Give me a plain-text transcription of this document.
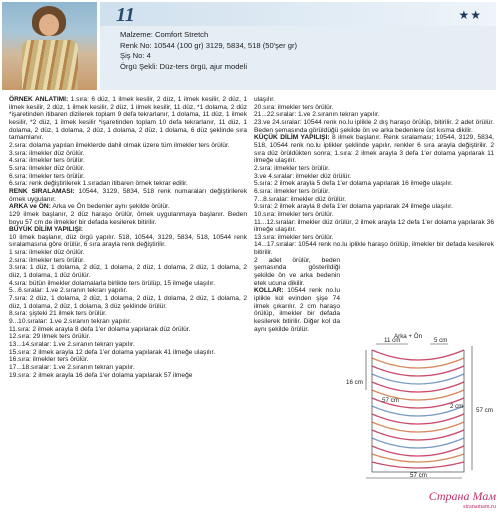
11	★★
Malzeme: Comfort Stretch
Renk No: 10544 (100 gr) 3129, 5834, 518 (50'şer gr)
Şiş No: 4
Örgü Şekli: Düz-ters örgü, ajur modeli

ÖRNEK ANLATIMI: 1.sıra: 6 düz, 1 ilmek kesilir, 2 düz, 1 ilmek kesilir, 2 düz, 1 ilmek kesilir, 2 düz, 1 ilmek kesilir, 2 düz, 1 ilmek kesilir, 11 düz, *1 dolama, 2 düz *işaretinden itibaren dizilerek toplam 9 defa tekrarlanır, 1 dolama, 11 düz, 1 ilmek kesilir, *2 düz, 1 ilmek kesilir *işaretinden toplam 10 defa tekrarlanır, 11 düz, 1 dolama, 2 düz, 1 dolama, 2 düz, 1 dolama, 2 düz, 1 dolama, 6 düz şeklinde sıra tamamlanır.

2.sıra: dolama yapılan ilmeklerde dahil olmak üzere tüm ilmekler ters örülür.

3.sıra: ilmekler düz örülür.

4.sıra: ilmekler ters örülür.

5.sıra: ilmekler düz örülür.

6.sıra: ilmekler ters örülür.

6.sıra: renk değiştirilerek 1.sıradan itibaren örnek tekrar edilir.

RENK SIRALAMASI: 10544, 3129, 5834, 518 renk numaraları değiştirilerek örnek uygulanır.

ARKA ve ÖN: Arka ve Ön bedenler aynı şekilde örülür.

129 ilmek başlanır, 2 düz haraşo örülür, örnek uygulanmaya başlanır. Beden boyu 57 cm de ilmekler bir defada kesilerek bitirilir.

BÜYÜK DİLİM YAPILIŞI:

10 ilmek başlanır, düz örgü yapılır. 518, 10544, 3129, 5834, 518, 10544 renk sıralamasına göre örülür, 6 sıra arayla renk değiştirilir.

1 sıra: ilmekler düz örülür.

2.sıra: ilmekler ters örülür.

3.sıra: 1 düz, 1 dolama, 2 düz, 1 dolama, 2 düz, 1 dolama, 2 düz, 1 dolama, 2 düz, 1 dolama, 1 düz örülür.

4.sıra: bütün ilmekler dolamalarla birlikte ters örülüp, 15 ilmeğe ulaşılır.

5...6.sıralar: 1.ve 2.sıranın tekrarı yapılır.

7.sıra: 2 düz, 1 dolama, 2 düz, 1 dolama, 2 düz, 1 dolama, 2 düz, 1 dolama, 2 düz, 1 dolama, 2 düz, 1 dolama, 3 düz şeklinde örülür.

8.sıra: şişteki 21 ilmek ters örülür.

9...10.sıralar: 1.ve 2.sıranın tekrarı yapılır.

11.sıra: 2 ilmek arayla 8 defa 1'er dolama yapılarak düz örülür.

12.sıra: 29 ilmek ters örülür.

13...14.sıralar: 1.ve 2.sıranın tekrarı yapılır.

15.sıra: 2 ilmek arayla 12 defa 1'er dolama yapılarak 41 ilmeğe ulaşılır.

16.sıra: ilmekler ters örülür.

17...18.sıralar: 1.ve 2.sıranın tekrarı yapılır.

19.sıra: 2 ilmek arayla 16 defa 1'er dolama yapılarak 57 ilmeğe

ulaşılır.

20.sıra: ilmekler ters örülür.

21...22.sıralar: 1.ve 2.sıranın tekrarı yapılır.

23.ve 24.sıralar: 10544 renk no.lu iplikle 2 dış haraşo örülüp, bitirilir. 2 adet örülür. Beden şemasında görüldüğü şekilde ön ve arka bedenlere üst kısma dikilir.

KÜÇÜK DİLİM YAPILIŞI: 8 ilmek başlanır. Renk sıralaması; 10544, 3129, 5834, 518, 10544 renk no.lu iplikler şeklinde yapılır, renkler 6 sıra arayla değiştirilir. 2 sıra düz örüldükten sonra; 1.sıra: 2 ilmek arayla 3 defa 1'er dolama yapılarak 11 ilmeğe ulaşılır.

2.sıra: ilmekler ters örülür.

3.ve 4.sıralar: ilmekler düz örülür.

5.sıra: 2 ilmek arayla 5 defa 1'er dolama yapılarak 16 ilmeğe ulaşılır.

6.sıra: ilmekler ters örülür.

7...8.sıralar: ilmekler düz örülür.

9.sıra: 2 ilmek arayla 8 defa 1'er dolama yapılarak 24 ilmeğe ulaşılır.

10.sıra: ilmekler ters örülür.

11...12.sıralar: ilmekler düz örülür, 2 ilmek arayla 12 defa 1'er dolama yapılarak 36 ilmeğe ulaşılır.

13.sıra: ilmekler ters örülür.

14...17.sıralar: 10544 renk no.lu iplikle haraşo örülüp, ilmekler bir defada kesilerek bitirilir.

2 adet örülür, beden şemasında gösterildiği şekilde ön ve arka bedenin etek ucuna dikilir.

KOLLAR: 10544 renk no.lu iplikle kol evinden şişe 74 ilmek çıkarılır. 2 cm haraşo örülüp, ilmekler bir defada kesilerek bitirilir. Diğer kol da aynı şekilde örülür.

Arka + Ön
11 cm	5 cm
16 cm
57 cm
2 cm
57 cm
57 cm
Страна Мам
stranamam.ru
